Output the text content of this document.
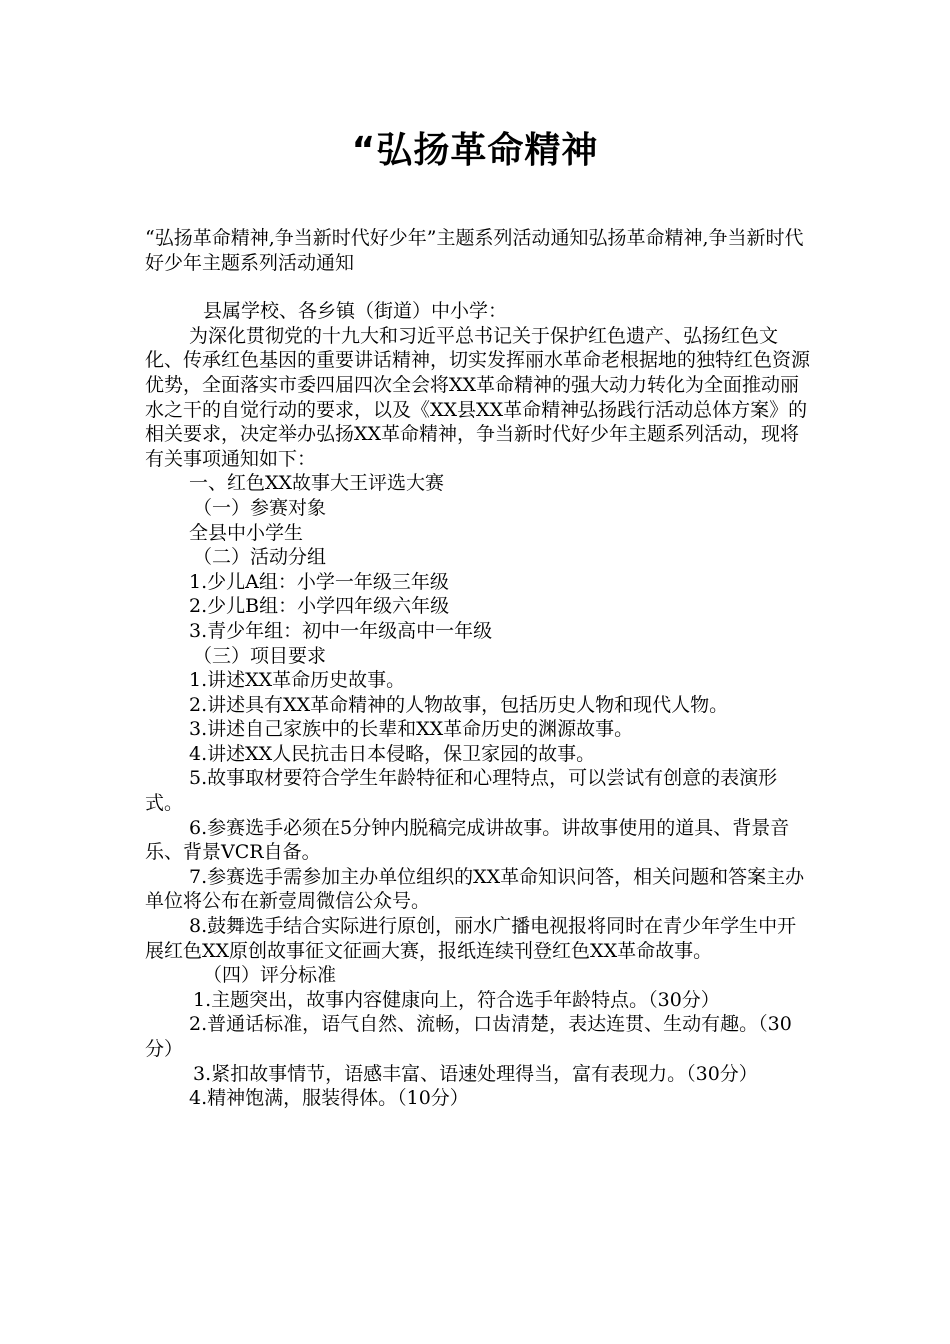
“弘扬革命精神

“弘扬革命精神,争当新时代好少年”主题系列活动通知弘扬革命精神,争当新时代好少年主题系列活动通知

县属学校、各乡镇（街道）中小学：

为深化贯彻党的十九大和习近平总书记关于保护红色遗产、弘扬红色文化、传承红色基因的重要讲话精神，切实发挥丽水革命老根据地的独特红色资源优势，全面落实市委四届四次全会将XX革命精神的强大动力转化为全面推动丽水之干的自觉行动的要求，以及《XX县XX革命精神弘扬践行活动总体方案》的相关要求，决定举办弘扬XX革命精神，争当新时代好少年主题系列活动，现将有关事项通知如下：

一、红色XX故事大王评选大赛

（一）参赛对象

全县中小学生

（二）活动分组

1.少儿A组：小学一年级三年级

2.少儿B组：小学四年级六年级

3.青少年组：初中一年级高中一年级

（三）项目要求

1.讲述XX革命历史故事。

2.讲述具有XX革命精神的人物故事，包括历史人物和现代人物。

3.讲述自己家族中的长辈和XX革命历史的渊源故事。

4.讲述XX人民抗击日本侵略，保卫家园的故事。

5.故事取材要符合学生年龄特征和心理特点，可以尝试有创意的表演形式。

6.参赛选手必须在5分钟内脱稿完成讲故事。讲故事使用的道具、背景音乐、背景VCR自备。

7.参赛选手需参加主办单位组织的XX革命知识问答，相关问题和答案主办单位将公布在新壹周微信公众号。

8.鼓舞选手结合实际进行原创，丽水广播电视报将同时在青少年学生中开展红色XX原创故事征文征画大赛，报纸连续刊登红色XX革命故事。

（四）评分标准

1.主题突出，故事内容健康向上，符合选手年龄特点。（30分）

2.普通话标准，语气自然、流畅，口齿清楚，表达连贯、生动有趣。（30分）

3.紧扣故事情节，语感丰富、语速处理得当，富有表现力。（30分）

4.精神饱满，服装得体。（10分）
